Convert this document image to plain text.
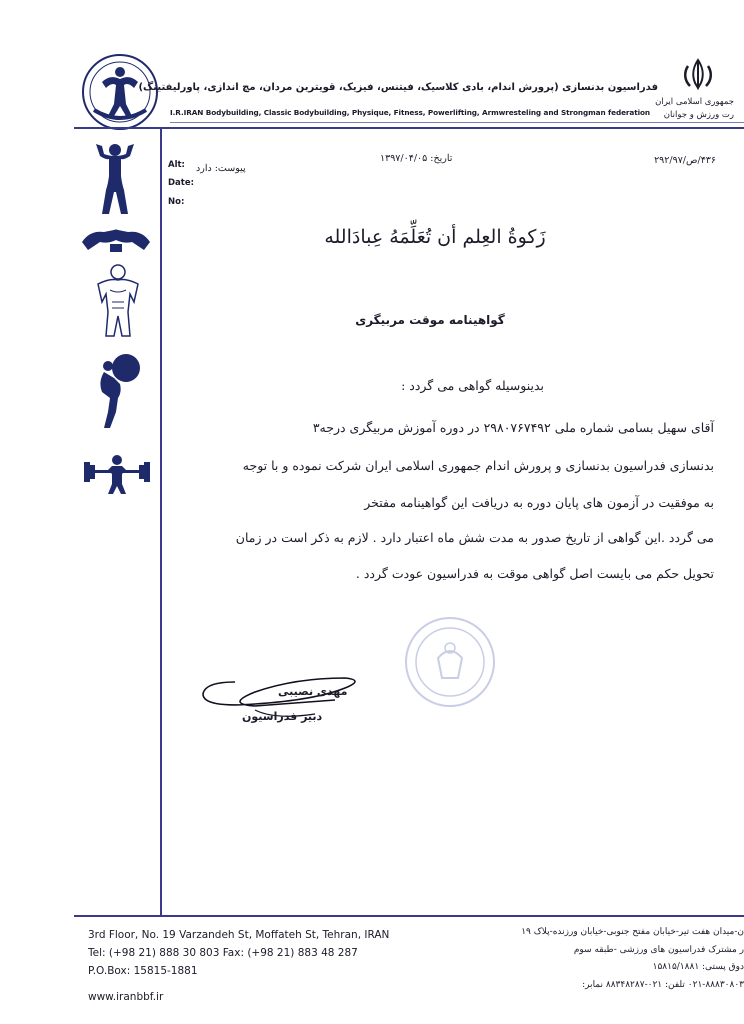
فدراسیون بدنسازی (پرورش اندام، بادی کلاسیک، فیتنس، فیزیک، قویترین مردان، مچ اندازی، پاورلیفتینگ)
I.R.IRAN Bodybuilding, Classic Bodybuilding, Physique, Fitness, Powerlifting, Armwresteling and Strongman federation
جمهوری اسلامی ایران
رت ورزش و جوانان
Alt:
Date:
No:
پیوست: دارد
تاریخ: ۱۳۹۷/۰۴/۰۵	۴۳۶/ص/۲۹۲/۹۷
زَكوةُ العِلم أن تُعَلِّمَهُ عِبادَالله
گواهینامه موقت مربیگری
بدینوسیله گواهی می گردد :
آقای سهیل بسامی شماره ملی ۲۹۸۰۷۶۷۴۹۲ در دوره آموزش مربیگری درجه۳
بدنسازی فدراسیون بدنسازی و پرورش اندام جمهوری اسلامی ایران شرکت نموده و با توجه
به موفقیت در آزمون های پایان دوره به دریافت این گواهینامه مفتخر
می گردد .این گواهی از تاریخ صدور به مدت شش ماه اعتبار دارد . لازم به ذکر است در زمان
تحویل حکم می بایست اصل گواهی موقت به فدراسیون عودت گردد .
مهدی نصیبی
دبیر فدراسیون
3rd Floor, No. 19 Varzandeh St, Moffateh St, Tehran, IRAN
Tel: (+98 21) 888 30 803 Fax: (+98 21) 883 48 287
P.O.Box: 15815-1881
www.iranbbf.ir
ن-میدان هفت تیر-خیابان مفتح جنوبی-خیابان ورزنده-پلاک ۱۹
ر مشترک فدراسیون های ورزشی -طبقه سوم
دوق پستی: ۱۵۸۱۵/۱۸۸۱
۰۲۱-۸۸۸۳۰۸۰۳ تلفن: ۰۲۱-۸۸۳۴۸۲۸۷ نمابر:
